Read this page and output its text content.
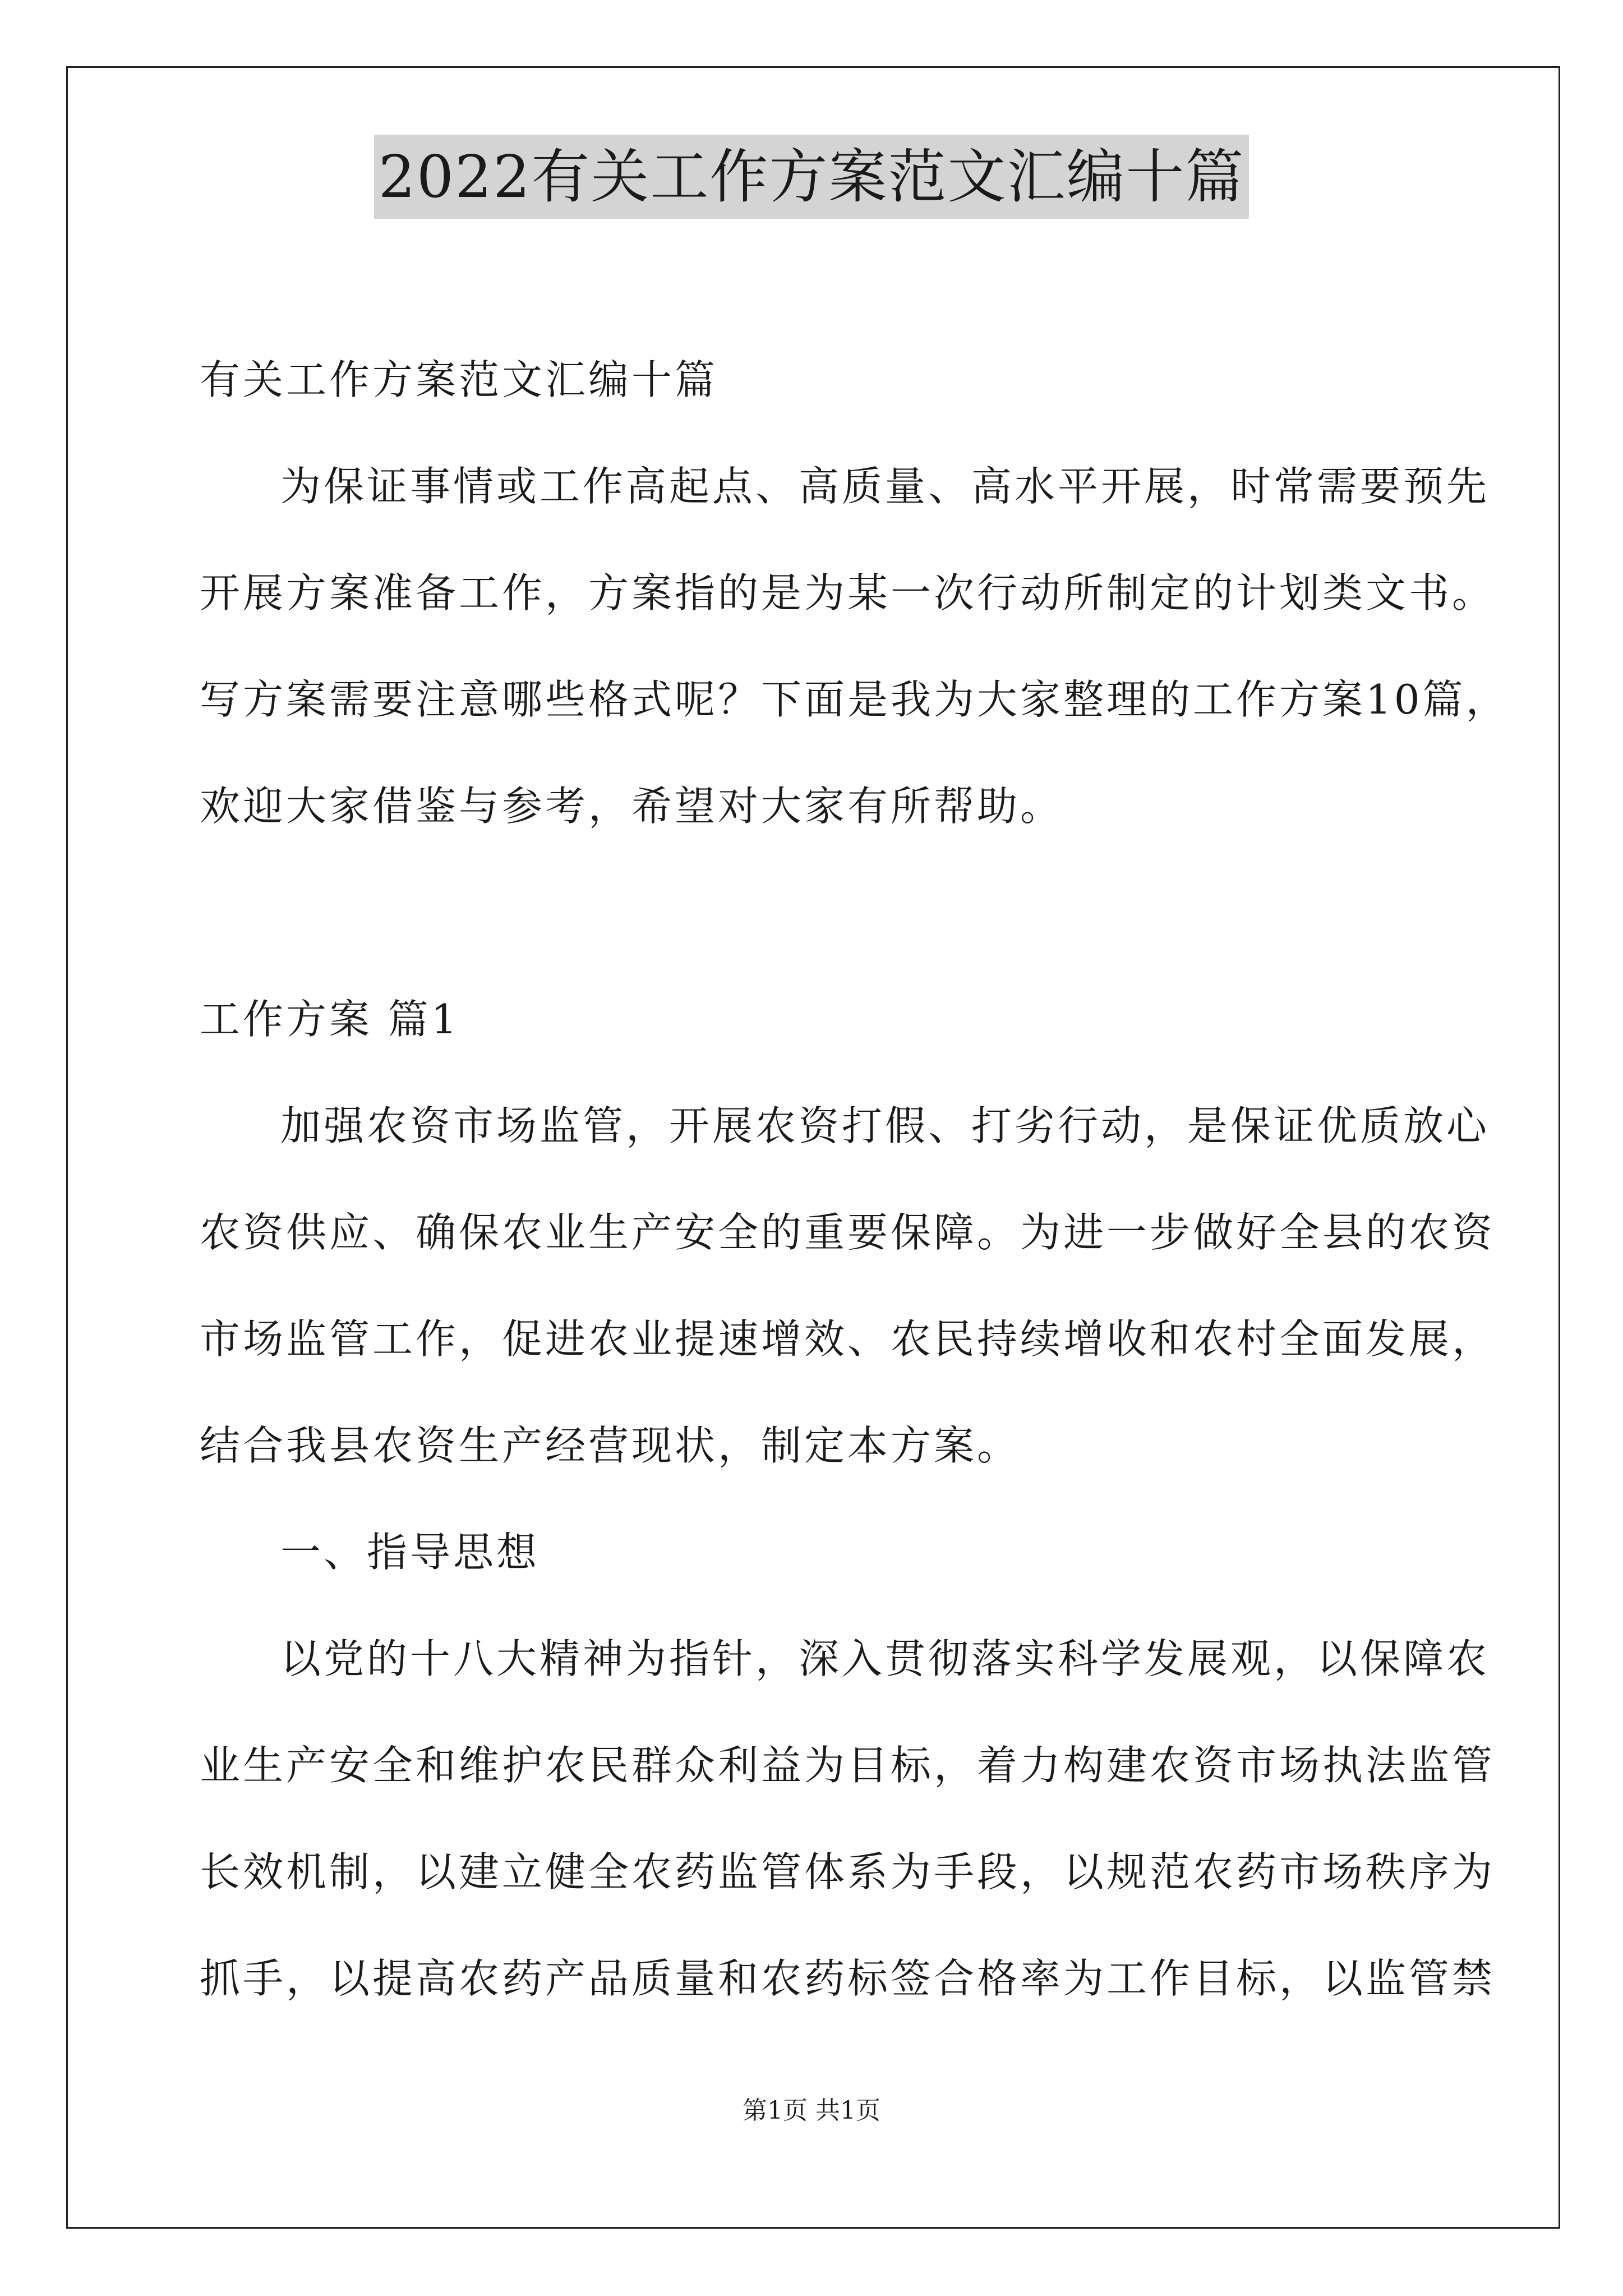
2022有关工作方案范文汇编十篇
有关工作方案范文汇编十篇
为保证事情或工作高起点、高质量、高水平开展，时常需要预先
开展方案准备工作，方案指的是为某一次行动所制定的计划类文书。
写方案需要注意哪些格式呢？下面是我为大家整理的工作方案10篇，
欢迎大家借鉴与参考，希望对大家有所帮助。
工作方案 篇1
加强农资市场监管，开展农资打假、打劣行动，是保证优质放心
农资供应、确保农业生产安全的重要保障。为进一步做好全县的农资
市场监管工作，促进农业提速增效、农民持续增收和农村全面发展，
结合我县农资生产经营现状，制定本方案。
一、指导思想
以党的十八大精神为指针，深入贯彻落实科学发展观，以保障农
业生产安全和维护农民群众利益为目标，着力构建农资市场执法监管
长效机制，以建立健全农药监管体系为手段，以规范农药市场秩序为
抓手，以提高农药产品质量和农药标签合格率为工作目标，以监管禁
第1页 共1页
